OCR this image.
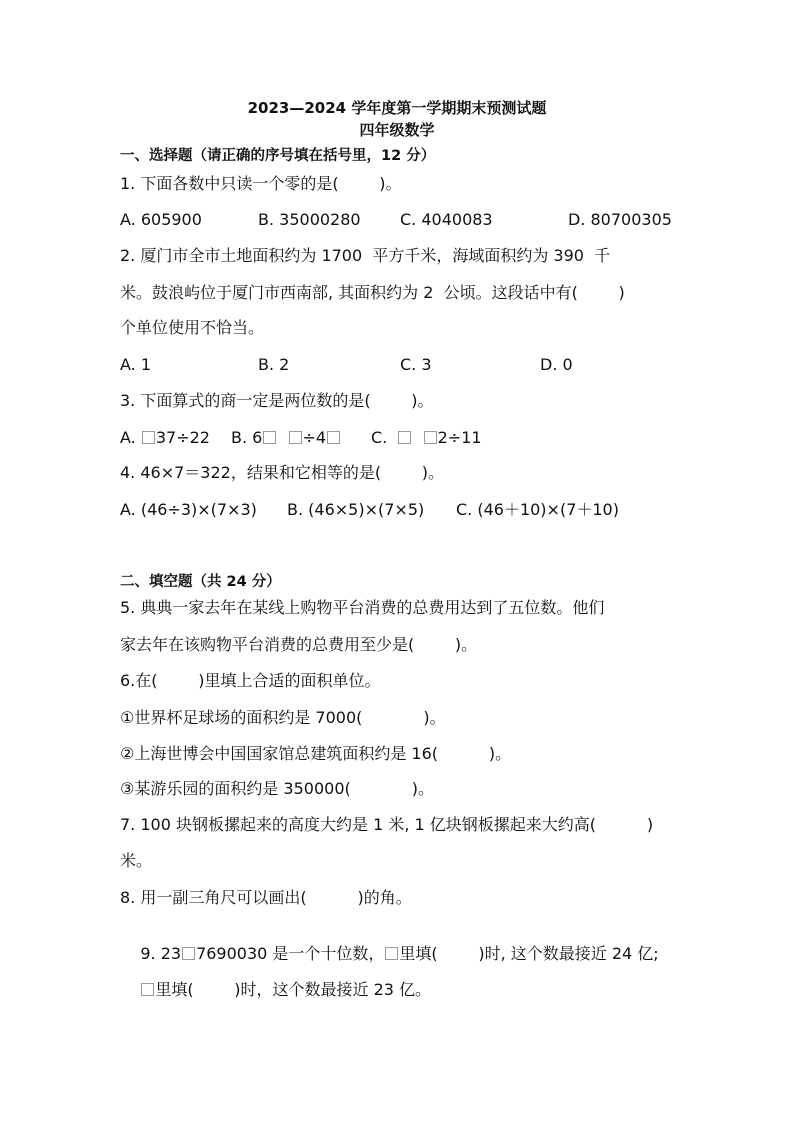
2023—2024 学年度第一学期期末预测试题
四年级数学
一、选择题（请正确的序号填在括号里，12 分）
1. 下面各数中只读一个零的是(        )。
A. 605900	B. 35000280 C. 4040083	D. 80700305
2. 厦门市全市土地面积约为 1700  平方千米，海域面积约为 390  千
米。鼓浪屿位于厦门市西南部, 其面积约为 2  公顷。这段话中有(        )
个单位使用不恰当。
A. 1	B. 2	C. 3	D. 0
3. 下面算式的商一定是两位数的是(        )。
A. 37÷22 B. 6	÷4	C.	2÷11
4. 46×7＝322，结果和它相等的是(        )。
A. (46÷3)×(7×3) B. (46×5)×(7×5) C. (46＋10)×(7＋10)
二、填空题（共 24 分）
5. 典典一家去年在某线上购物平台消费的总费用达到了五位数。他们
家去年在该购物平台消费的总费用至少是(        )。
6.在(        )里填上合适的面积单位。
①世界杯足球场的面积约是 7000(            )。
②上海世博会中国国家馆总建筑面积约是 16(          )。
③某游乐园的面积约是 350000(            )。
7. 100 块钢板摞起来的高度大约是 1 米, 1 亿块钢板摞起来大约高(          )
米。
8. 用一副三角尺可以画出(          )的角。

9. 23 7690030 是一个十位数， 里填(        )时, 这个数最接近 24 亿;

里填(        )时，这个数最接近 23 亿。
